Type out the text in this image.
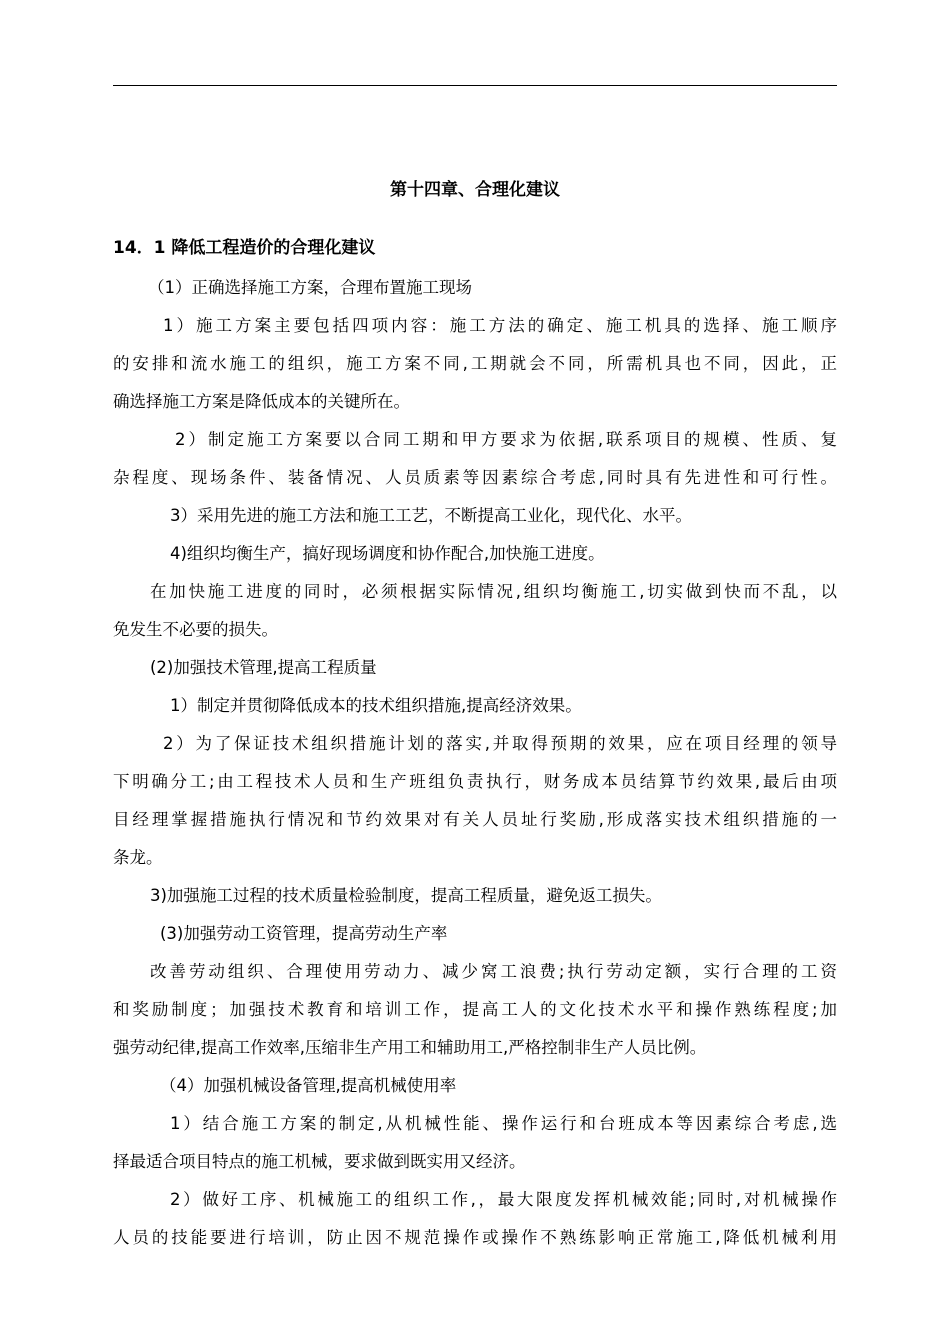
第十四章、合理化建议
14．1 降低工程造价的合理化建议
（1）正确选择施工方案，合理布置施工现场
1）施工方案主要包括四项内容：施工方法的确定、施工机具的选择、施工顺序
的安排和流水施工的组织，施工方案不同,工期就会不同，所需机具也不同，因此，正
确选择施工方案是降低成本的关键所在。
2）制定施工方案要以合同工期和甲方要求为依据,联系项目的规模、性质、复
杂程度、现场条件、装备情况、人员质素等因素综合考虑,同时具有先进性和可行性。
3）采用先进的施工方法和施工工艺，不断提高工业化，现代化、水平。
4)组织均衡生产，搞好现场调度和协作配合,加快施工进度。
在加快施工进度的同时，必须根据实际情况,组织均衡施工,切实做到快而不乱，以
免发生不必要的损失。
(2)加强技术管理,提高工程质量
1）制定并贯彻降低成本的技术组织措施,提高经济效果。
2）为了保证技术组织措施计划的落实,并取得预期的效果，应在项目经理的领导
下明确分工;由工程技术人员和生产班组负责执行，财务成本员结算节约效果,最后由项
目经理掌握措施执行情况和节约效果对有关人员址行奖励,形成落实技术组织措施的一
条龙。
3)加强施工过程的技术质量检验制度，提高工程质量，避免返工损失。
(3)加强劳动工资管理，提高劳动生产率
改善劳动组织、合理使用劳动力、减少窝工浪费;执行劳动定额，实行合理的工资
和奖励制度；加强技术教育和培训工作，提高工人的文化技术水平和操作熟练程度;加
强劳动纪律,提高工作效率,压缩非生产用工和辅助用工,严格控制非生产人员比例。
（4）加强机械设备管理,提高机械使用率
1）结合施工方案的制定,从机械性能、操作运行和台班成本等因素综合考虑,选
择最适合项目特点的施工机械，要求做到既实用又经济。
2）做好工序、机械施工的组织工作,，最大限度发挥机械效能;同时,对机械操作
人员的技能要进行培训，防止因不规范操作或操作不熟练影响正常施工,降低机械利用
